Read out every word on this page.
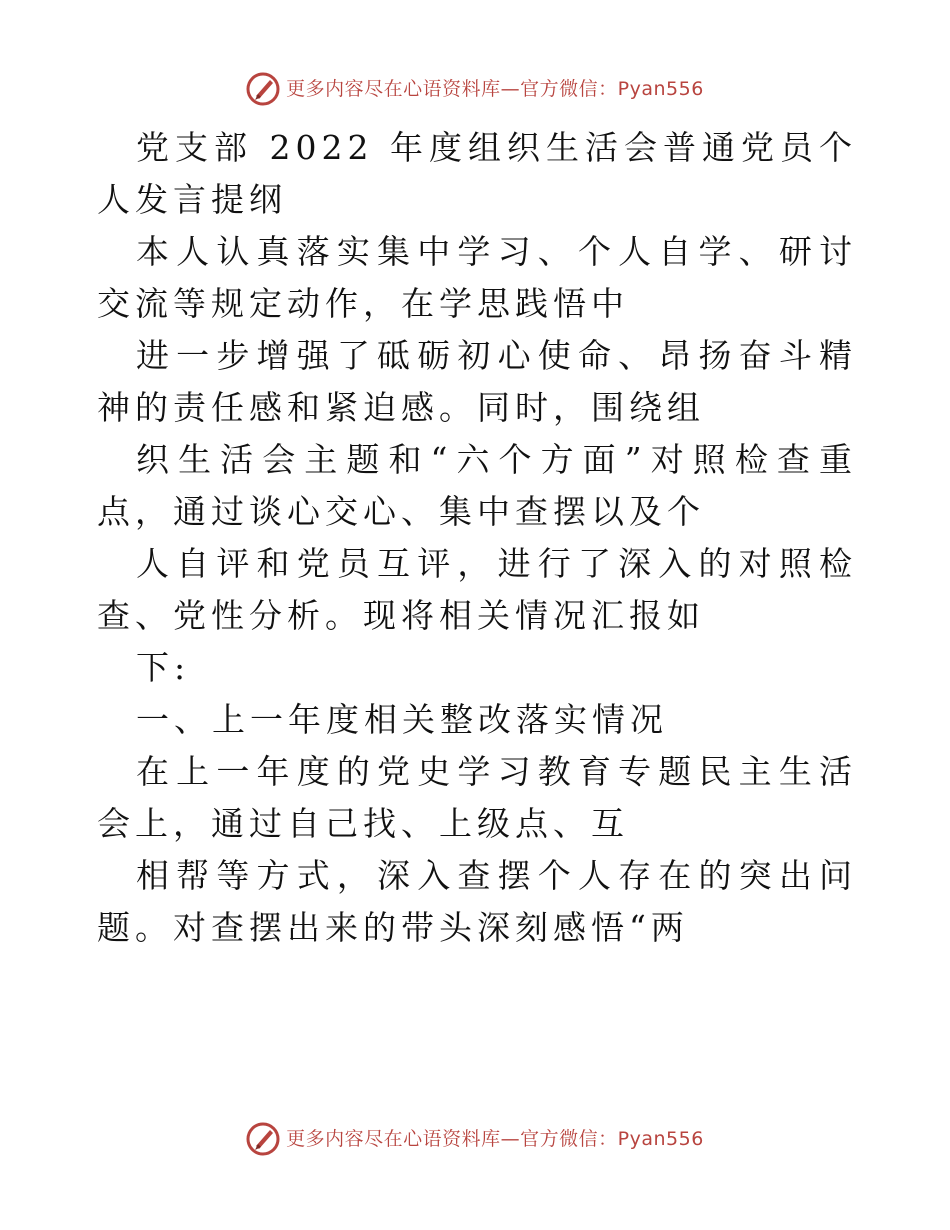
更多内容尽在心语资料库—官方微信：Pyan556

党支部 2022 年度组织生活会普通党员个人发言提纲

本人认真落实集中学习、个人自学、研讨交流等规定动作，在学思践悟中

进一步增强了砥砺初心使命、昂扬奋斗精神的责任感和紧迫感。同时，围绕组

织生活会主题和“六个方面”对照检查重点，通过谈心交心、集中查摆以及个

人自评和党员互评，进行了深入的对照检查、党性分析。现将相关情况汇报如

下:

一、上一年度相关整改落实情况

在上一年度的党史学习教育专题民主生活会上，通过自己找、上级点、互

相帮等方式，深入查摆个人存在的突出问题。对查摆出来的带头深刻感悟“两

更多内容尽在心语资料库—官方微信：Pyan556
